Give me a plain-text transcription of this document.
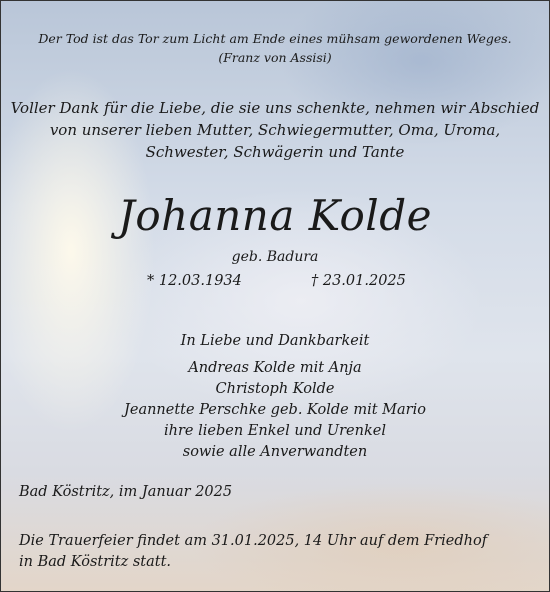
Der Tod ist das Tor zum Licht am Ende eines mühsam gewordenen Weges.
(Franz von Assisi)
Voller Dank für die Liebe, die sie uns schenkte, nehmen wir Abschied
von unserer lieben Mutter, Schwiegermutter, Oma, Uroma,
Schwester, Schwägerin und Tante
Johanna Kolde
geb. Badura
* 12.03.1934	† 23.01.2025
In Liebe und Dankbarkeit
Andreas Kolde mit Anja
Christoph Kolde
Jeannette Perschke geb. Kolde mit Mario
ihre lieben Enkel und Urenkel
sowie alle Anverwandten
Bad Köstritz, im Januar 2025
Die Trauerfeier findet am 31.01.2025, 14 Uhr auf dem Friedhof
in Bad Köstritz statt.
